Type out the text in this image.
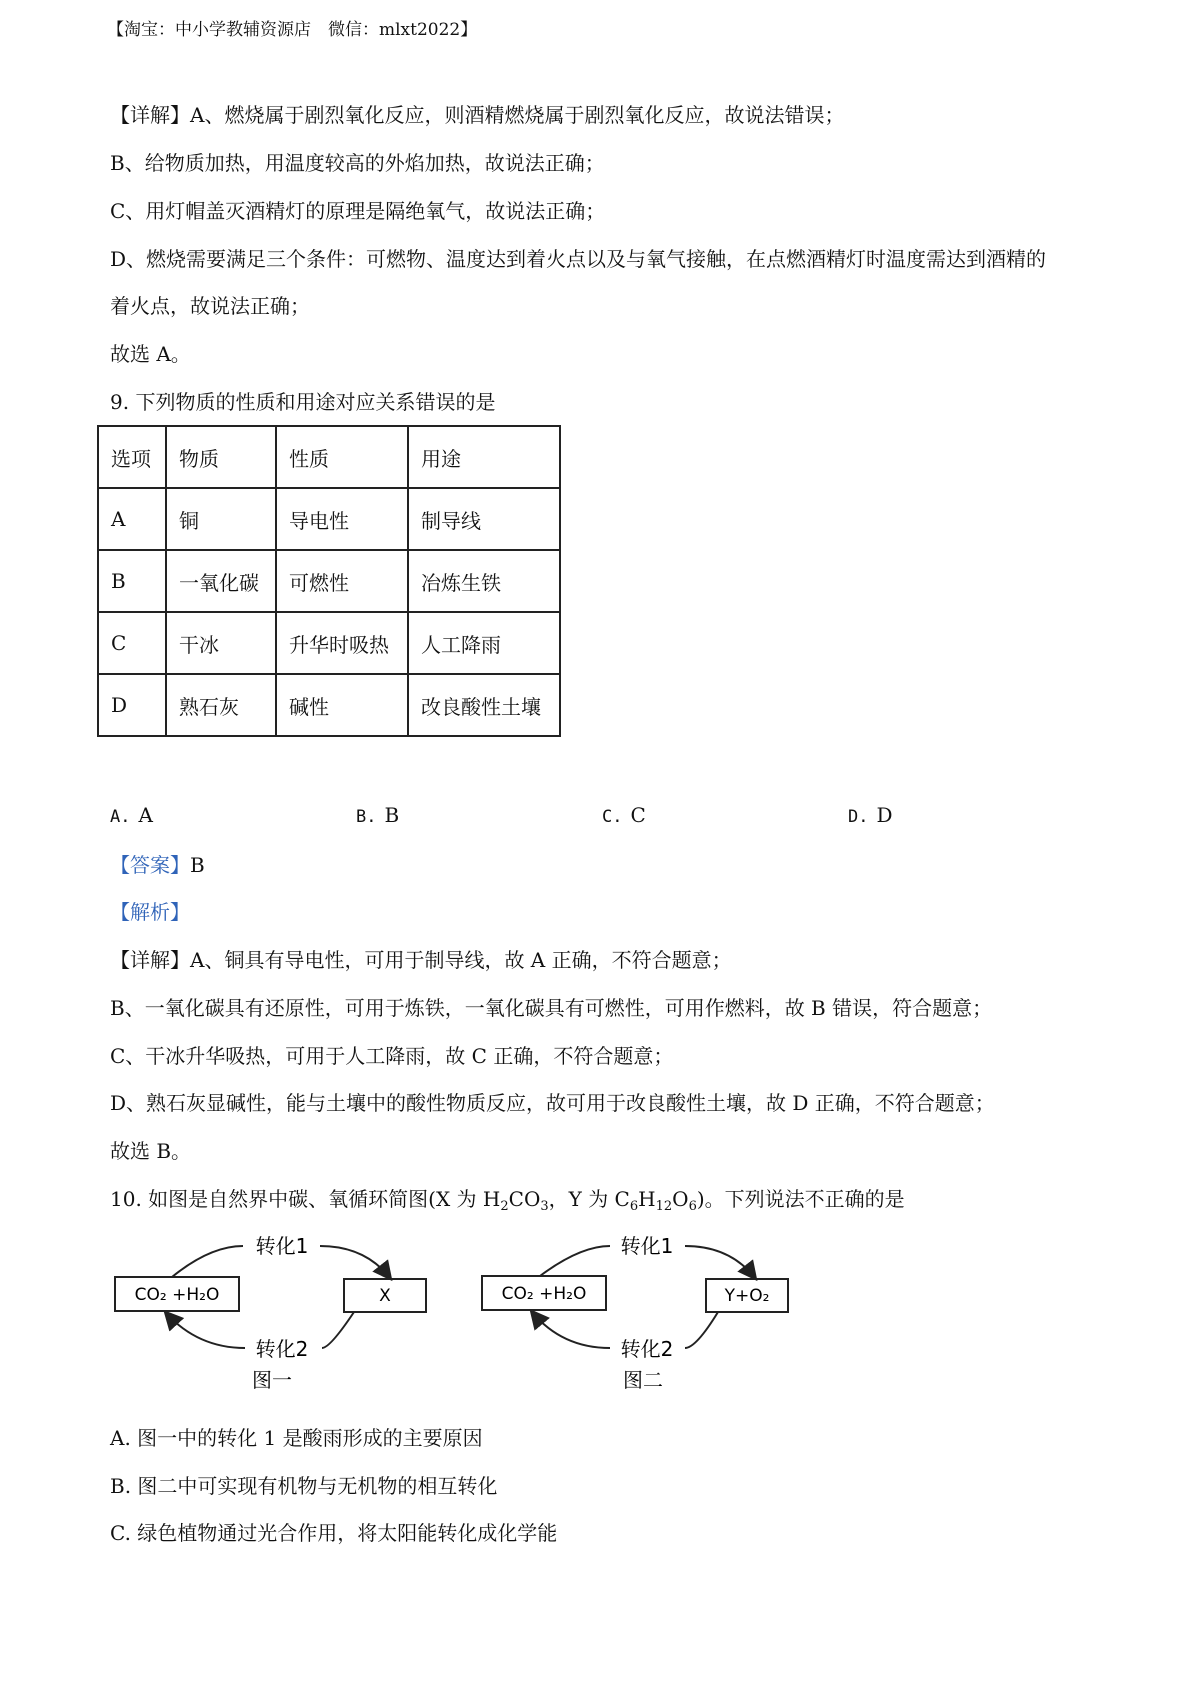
【淘宝：中小学教辅资源店　微信：mlxt2022】
【详解】A、燃烧属于剧烈氧化反应，则酒精燃烧属于剧烈氧化反应，故说法错误；
B、给物质加热，用温度较高的外焰加热，故说法正确；
C、用灯帽盖灭酒精灯的原理是隔绝氧气，故说法正确；
D、燃烧需要满足三个条件：可燃物、温度达到着火点以及与氧气接触，在点燃酒精灯时温度需达到酒精的
着火点，故说法正确；
故选 A。
9. 下列物质的性质和用途对应关系错误的是
选项	物质	性质	用途
A	铜	导电性	制导线
B	一氧化碳	可燃性	冶炼生铁
C	干冰	升华时吸热	人工降雨
D	熟石灰	碱性	改良酸性土壤
A. A	B. B	C. C	D. D
【答案】B
【解析】
【详解】A、铜具有导电性，可用于制导线，故 A 正确，不符合题意；
B、一氧化碳具有还原性，可用于炼铁，一氧化碳具有可燃性，可用作燃料，故 B 错误，符合题意；
C、干冰升华吸热，可用于人工降雨，故 C 正确，不符合题意；
D、熟石灰显碱性，能与土壤中的酸性物质反应，故可用于改良酸性土壤，故 D 正确，不符合题意；
故选 B。
10. 如图是自然界中碳、氧循环简图(X 为 $H_2CO_3$，Y 为 $C_6H_{12}O_6$)。下列说法不正确的是
CO₂ +H₂O	X
转化1
转化2
图一
CO₂ +H₂O	Y+O₂
转化1
转化2
图二
A. 图一中的转化 1 是酸雨形成的主要原因
B. 图二中可实现有机物与无机物的相互转化
C. 绿色植物通过光合作用，将太阳能转化成化学能
